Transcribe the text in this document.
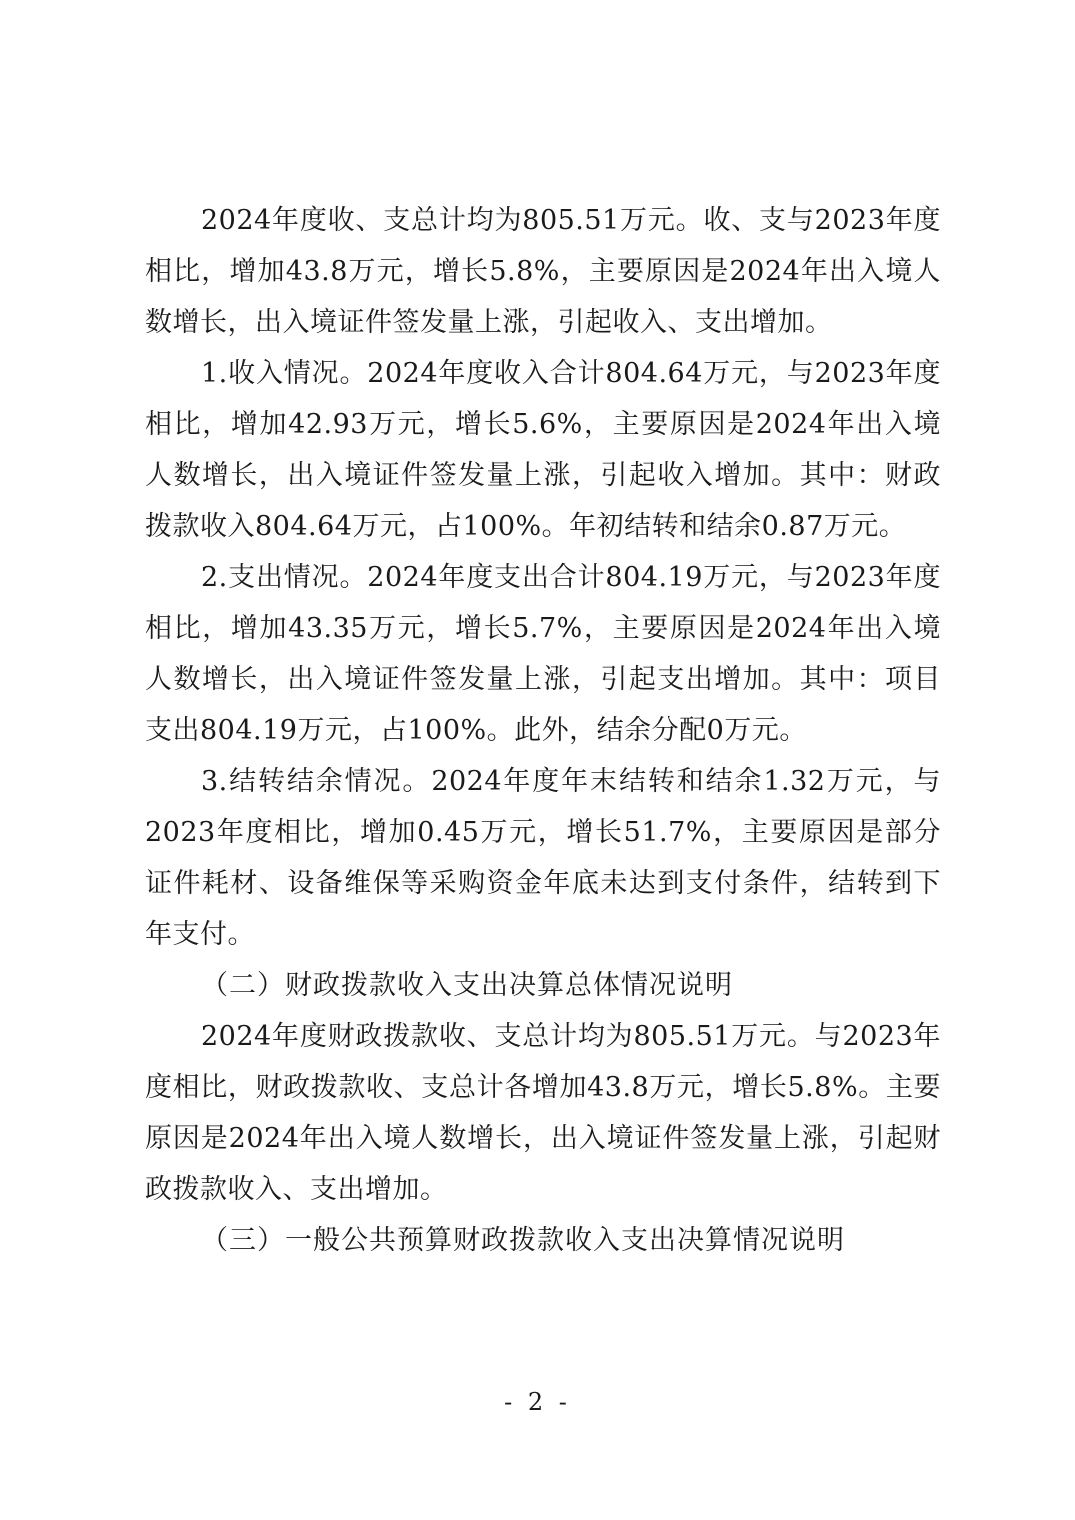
2024年度收、支总计均为805.51万元。收、支与2023年度相比，增加43.8万元，增长5.8%，主要原因是2024年出入境人数增长，出入境证件签发量上涨，引起收入、支出增加。

1.收入情况。2024年度收入合计804.64万元，与2023年度相比，增加42.93万元，增长5.6%，主要原因是2024年出入境人数增长，出入境证件签发量上涨，引起收入增加。其中：财政拨款收入804.64万元，占100%。年初结转和结余0.87万元。

2.支出情况。2024年度支出合计804.19万元，与2023年度相比，增加43.35万元，增长5.7%，主要原因是2024年出入境人数增长，出入境证件签发量上涨，引起支出增加。其中：项目支出804.19万元，占100%。此外，结余分配0万元。

3.结转结余情况。2024年度年末结转和结余1.32万元，与2023年度相比，增加0.45万元，增长51.7%，主要原因是部分证件耗材、设备维保等采购资金年底未达到支付条件，结转到下年支付。

（二）财政拨款收入支出决算总体情况说明

2024年度财政拨款收、支总计均为805.51万元。与2023年度相比，财政拨款收、支总计各增加43.8万元，增长5.8%。主要原因是2024年出入境人数增长，出入境证件签发量上涨，引起财政拨款收入、支出增加。

（三）一般公共预算财政拨款收入支出决算情况说明

- 2 -
